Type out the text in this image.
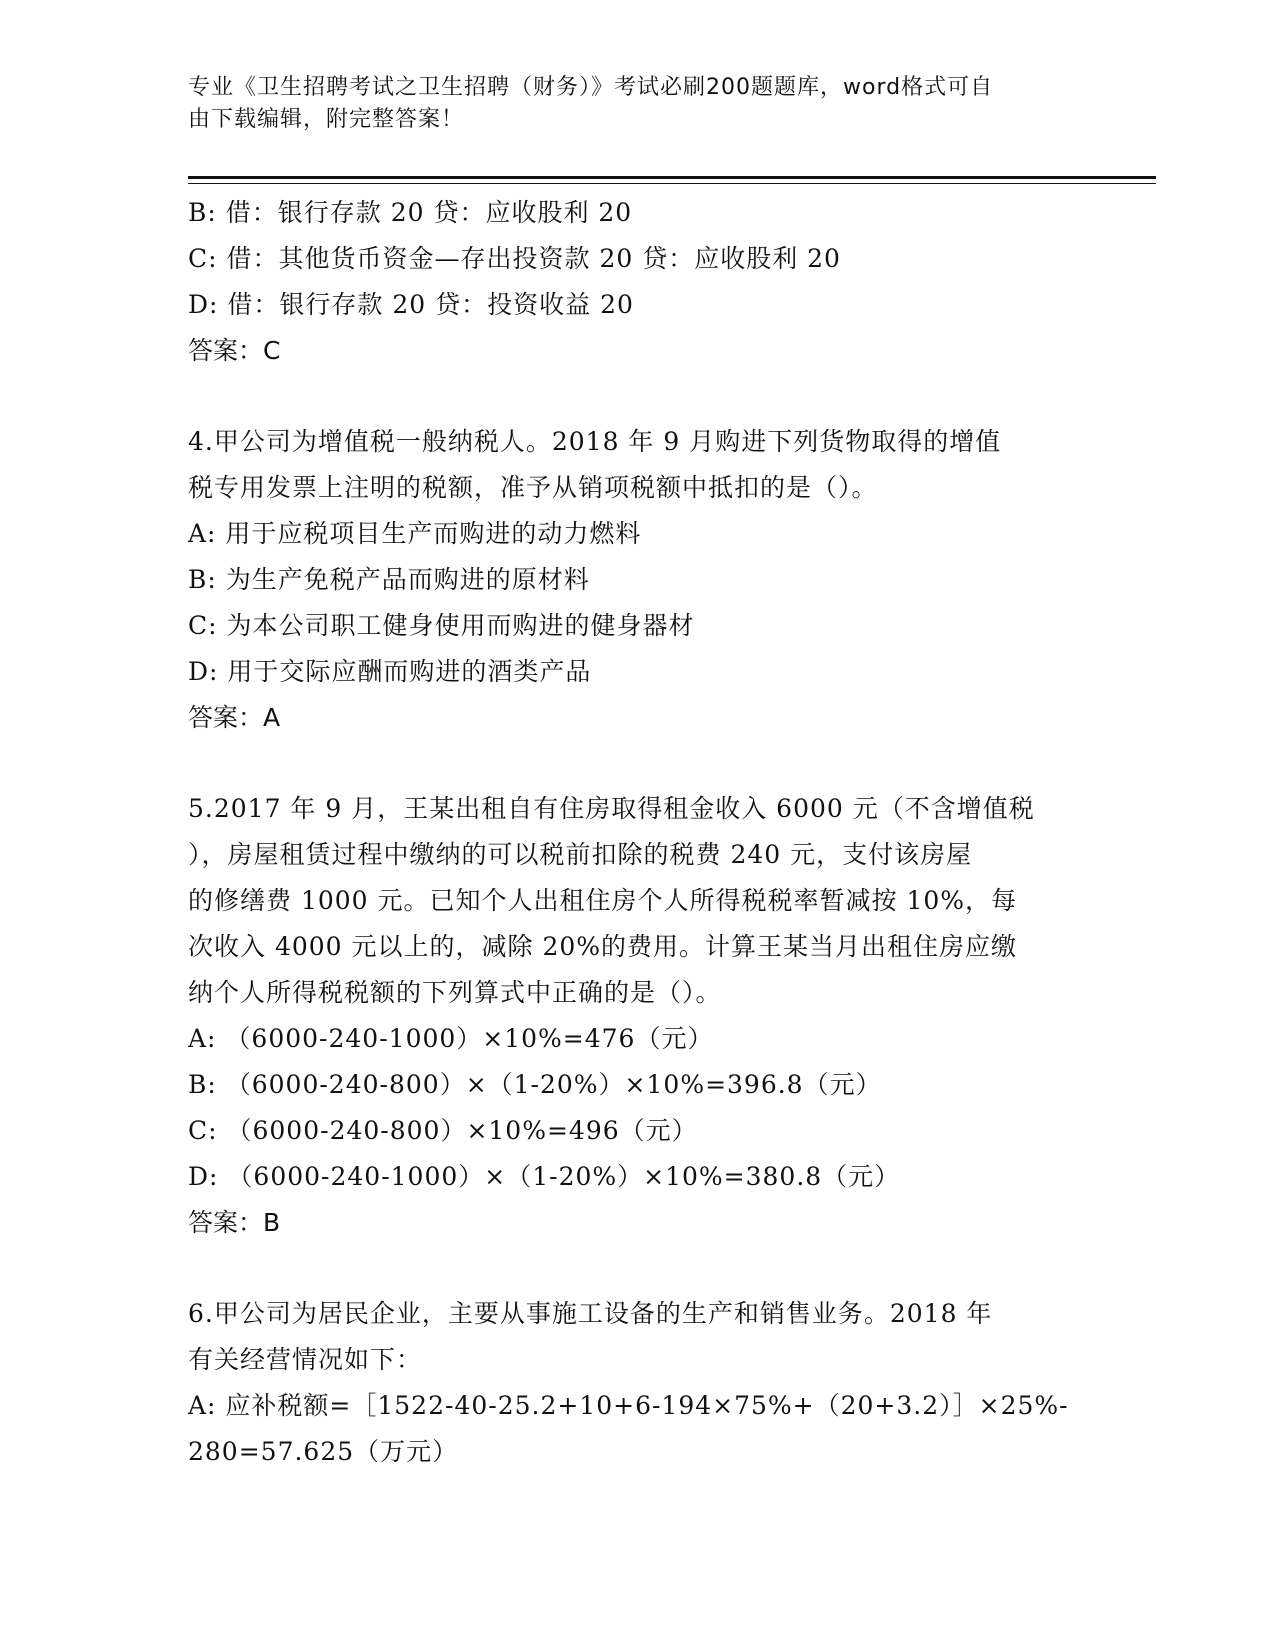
专业《卫生招聘考试之卫生招聘（财务）》考试必刷200题题库，word格式可自
由下载编辑，附完整答案！
B: 借：银行存款 20 贷：应收股利 20
C: 借：其他货币资金—存出投资款 20 贷：应收股利 20
D: 借：银行存款 20 贷：投资收益 20
答案：C
4.甲公司为增值税一般纳税人。2018 年 9 月购进下列货物取得的增值
税专用发票上注明的税额，准予从销项税额中抵扣的是（）。
A: 用于应税项目生产而购进的动力燃料
B: 为生产免税产品而购进的原材料
C: 为本公司职工健身使用而购进的健身器材
D: 用于交际应酬而购进的酒类产品
答案：A
5.2017 年 9 月，王某出租自有住房取得租金收入 6000 元（不含增值税
），房屋租赁过程中缴纳的可以税前扣除的税费 240 元，支付该房屋
的修缮费 1000 元。已知个人出租住房个人所得税税率暂减按 10%，每
次收入 4000 元以上的，减除 20%的费用。计算王某当月出租住房应缴
纳个人所得税税额的下列算式中正确的是（）。
A: （6000-240-1000）×10%=476（元）
B: （6000-240-800）×（1-20%）×10%=396.8（元）
C: （6000-240-800）×10%=496（元）
D: （6000-240-1000）×（1-20%）×10%=380.8（元）
答案：B
6.甲公司为居民企业，主要从事施工设备的生产和销售业务。2018 年
有关经营情况如下：
A: 应补税额=［1522-40-25.2+10+6-194×75%+（20+3.2）］×25%-
280=57.625（万元）
